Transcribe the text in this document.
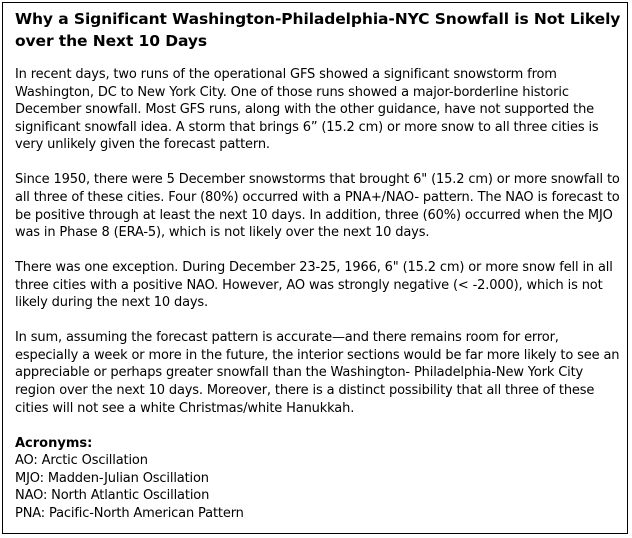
Why a Significant Washington-Philadelphia-NYC Snowfall is Not Likely over the Next 10 Days

In recent days, two runs of the operational GFS showed a significant snowstorm from Washington, DC to New York City. One of those runs showed a major-borderline historic December snowfall. Most GFS runs, along with the other guidance, have not supported the significant snowfall idea. A storm that brings 6” (15.2 cm) or more snow to all three cities is very unlikely given the forecast pattern.

Since 1950, there were 5 December snowstorms that brought 6" (15.2 cm) or more snowfall to all three of these cities. Four (80%) occurred with a PNA+/NAO- pattern. The NAO is forecast to be positive through at least the next 10 days. In addition, three (60%) occurred when the MJO was in Phase 8 (ERA-5), which is not likely over the next 10 days.

There was one exception. During December 23-25, 1966, 6" (15.2 cm) or more snow fell in all three cities with a positive NAO. However, AO was strongly negative (< -2.000), which is not likely during the next 10 days.

In sum, assuming the forecast pattern is accurate—and there remains room for error, especially a week or more in the future, the interior sections would be far more likely to see an appreciable or perhaps greater snowfall than the Washington- Philadelphia-New York City region over the next 10 days. Moreover, there is a distinct possibility that all three of these cities will not see a white Christmas/white Hanukkah.

Acronyms:
AO: Arctic Oscillation
MJO: Madden-Julian Oscillation
NAO: North Atlantic Oscillation
PNA: Pacific-North American Pattern
